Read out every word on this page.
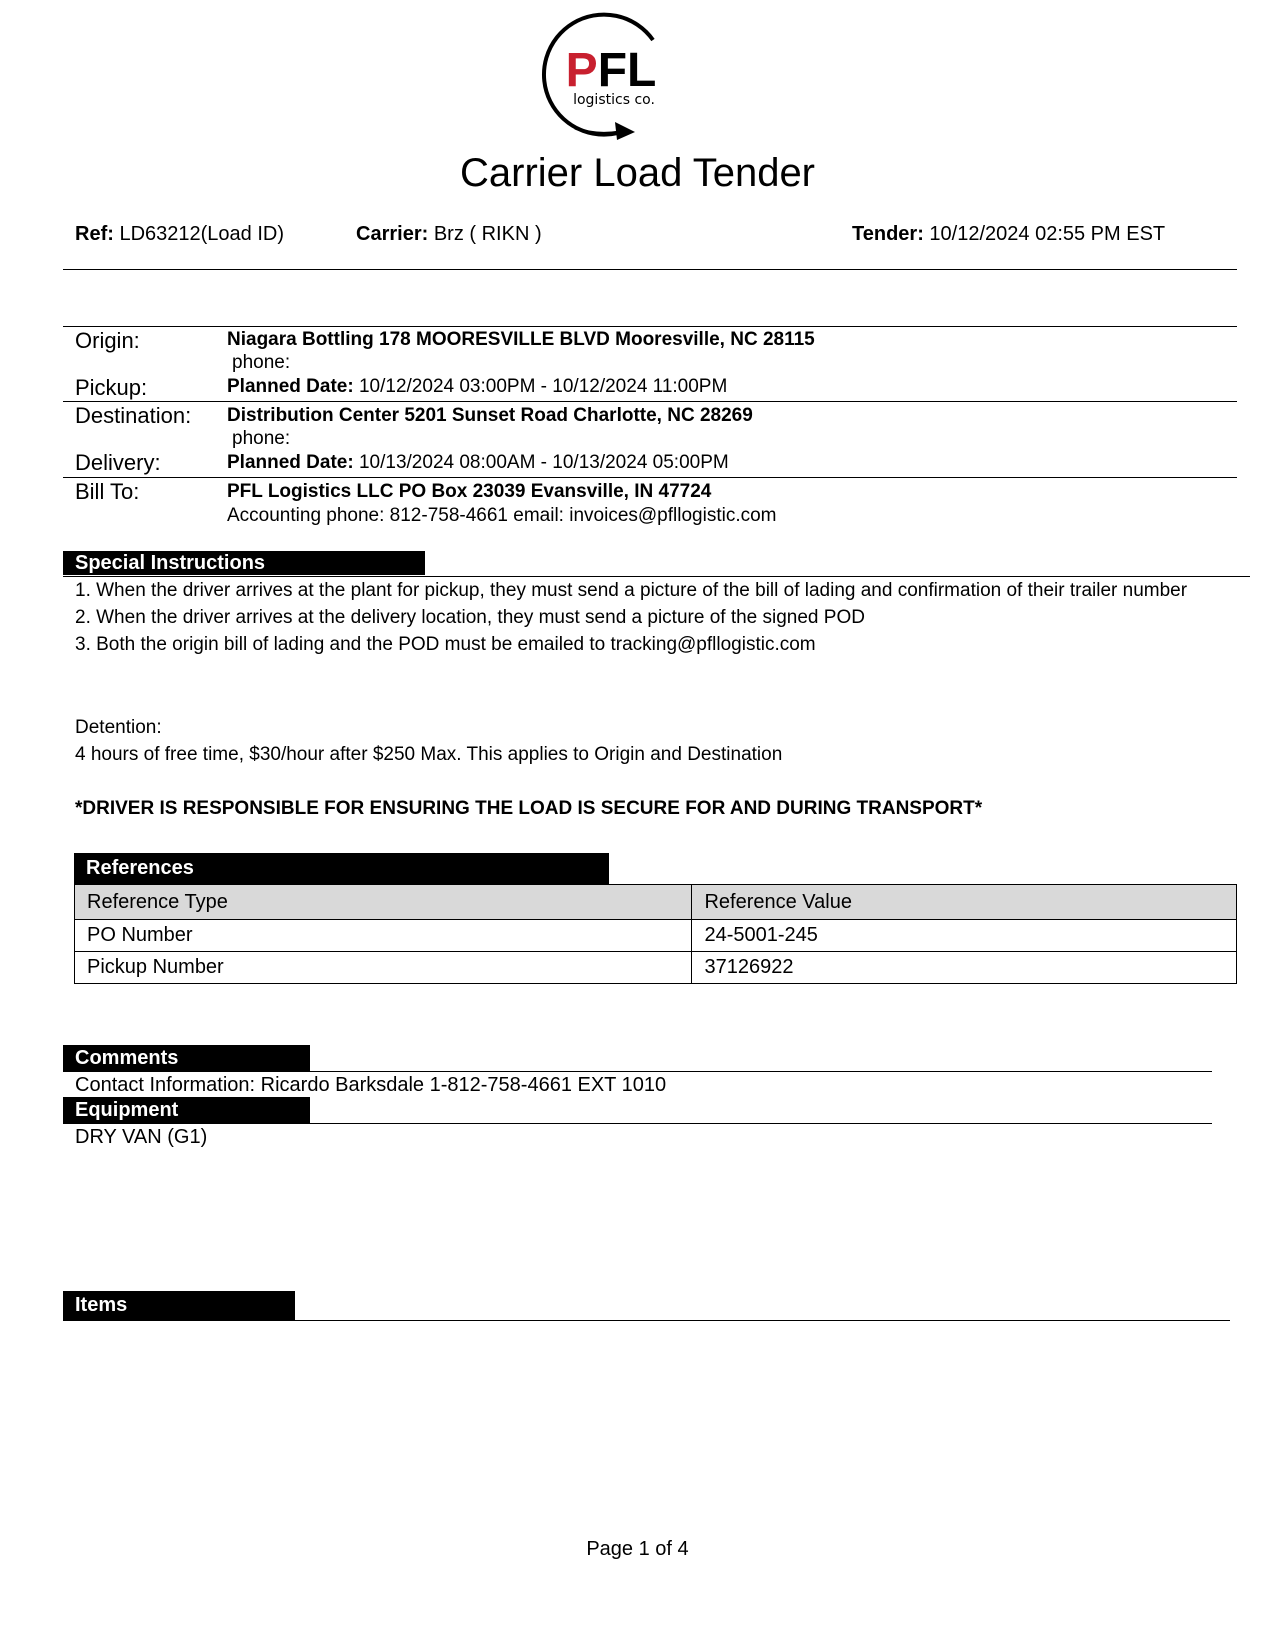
PFL
logistics co.
Carrier Load Tender
Ref: LD63212(Load ID)	Carrier: Brz ( RIKN )	Tender: 10/12/2024 02:55 PM EST
Origin:	Niagara Bottling 178 MOORESVILLE BLVD Mooresville, NC 28115
phone:
Pickup:	Planned Date: 10/12/2024 03:00PM - 10/12/2024 11:00PM
Destination: Distribution Center 5201 Sunset Road Charlotte, NC 28269
phone:
Delivery:	Planned Date: 10/13/2024 08:00AM - 10/13/2024 05:00PM
Bill To:	PFL Logistics LLC PO Box 23039 Evansville, IN 47724
Accounting phone: 812-758-4661 email: invoices@pfllogistic.com
Special Instructions
1. When the driver arrives at the plant for pickup, they must send a picture of the bill of lading and confirmation of their trailer number
2. When the driver arrives at the delivery location, they must send a picture of the signed POD
3. Both the origin bill of lading and the POD must be emailed to tracking@pfllogistic.com
Detention:
4 hours of free time, $30/hour after $250 Max. This applies to Origin and Destination
*DRIVER IS RESPONSIBLE FOR ENSURING THE LOAD IS SECURE FOR AND DURING TRANSPORT*
References
Reference Type	Reference Value
PO Number	24-5001-245
Pickup Number	37126922
Comments
Contact Information: Ricardo Barksdale 1-812-758-4661 EXT 1010
Equipment
DRY VAN (G1)
Items
Page 1 of 4
